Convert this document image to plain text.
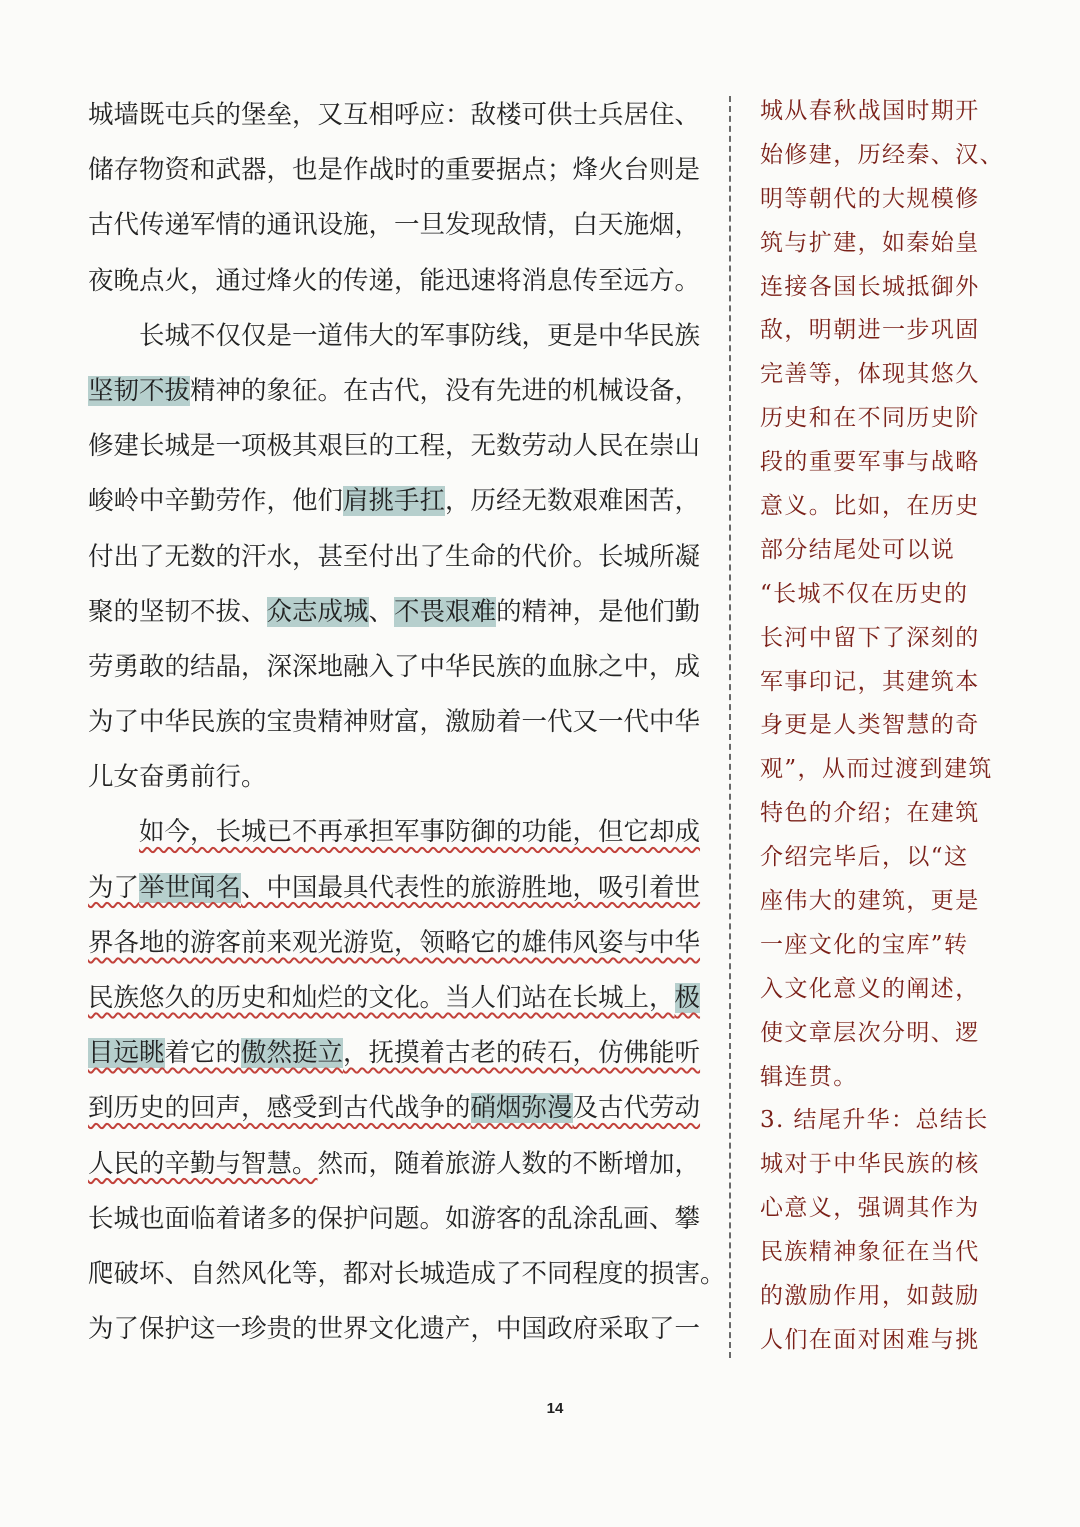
城墙既屯兵的堡垒，又互相呼应：敌楼可供士兵居住、
储存物资和武器，也是作战时的重要据点；烽火台则是
古代传递军情的通讯设施，一旦发现敌情，白天施烟，
夜晚点火，通过烽火的传递，能迅速将消息传至远方。
长城不仅仅是一道伟大的军事防线，更是中华民族
坚韧不拔精神的象征。在古代，没有先进的机械设备，
修建长城是一项极其艰巨的工程，无数劳动人民在崇山
峻岭中辛勤劳作，他们肩挑手扛，历经无数艰难困苦，
付出了无数的汗水，甚至付出了生命的代价。长城所凝
聚的坚韧不拔、众志成城、不畏艰难的精神，是他们勤
劳勇敢的结晶，深深地融入了中华民族的血脉之中，成
为了中华民族的宝贵精神财富，激励着一代又一代中华
儿女奋勇前行。
如今，长城已不再承担军事防御的功能，但它却成
为了举世闻名、中国最具代表性的旅游胜地，吸引着世
界各地的游客前来观光游览，领略它的雄伟风姿与中华
民族悠久的历史和灿烂的文化。当人们站在长城上，极
目远眺着它的傲然挺立，抚摸着古老的砖石，仿佛能听
到历史的回声，感受到古代战争的硝烟弥漫及古代劳动
人民的辛勤与智慧。然而，随着旅游人数的不断增加，
长城也面临着诸多的保护问题。如游客的乱涂乱画、攀
爬破坏、自然风化等，都对长城造成了不同程度的损害。
为了保护这一珍贵的世界文化遗产，中国政府采取了一
城从春秋战国时期开
始修建，历经秦、汉、
明等朝代的大规模修
筑与扩建，如秦始皇
连接各国长城抵御外
敌，明朝进一步巩固
完善等，体现其悠久
历史和在不同历史阶
段的重要军事与战略
意义。比如，在历史
部分结尾处可以说
“长城不仅在历史的
长河中留下了深刻的
军事印记，其建筑本
身更是人类智慧的奇
观”，从而过渡到建筑
特色的介绍；在建筑
介绍完毕后，以“这
座伟大的建筑，更是
一座文化的宝库”转
入文化意义的阐述，
使文章层次分明、逻
辑连贯。
3. 结尾升华：总结长
城对于中华民族的核
心意义，强调其作为
民族精神象征在当代
的激励作用，如鼓励
人们在面对困难与挑
14
